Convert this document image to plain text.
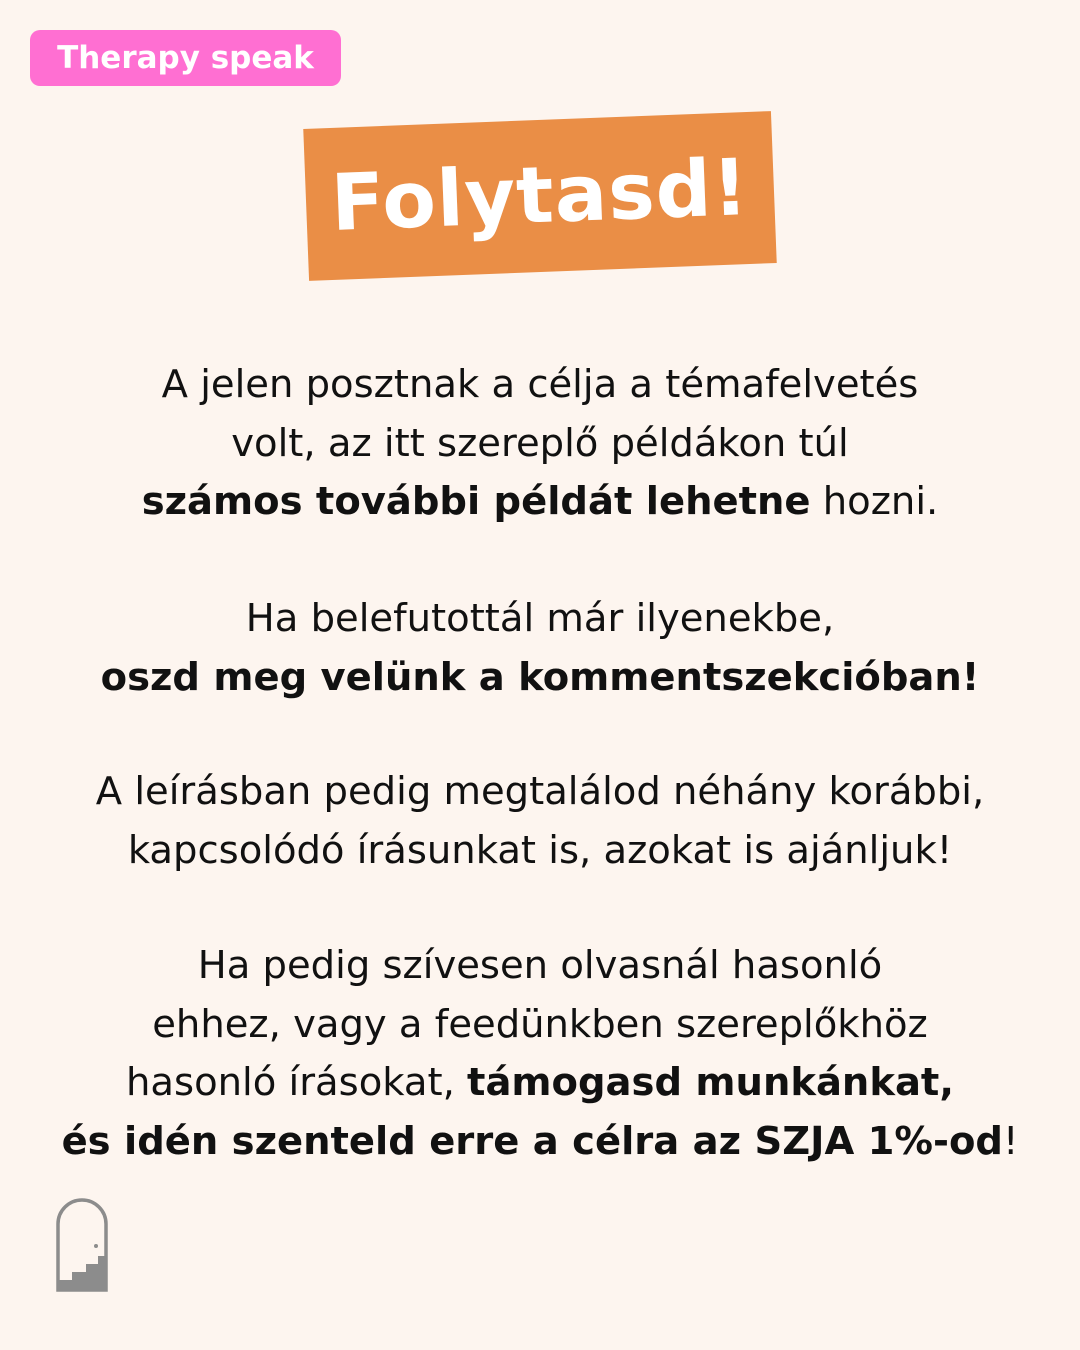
Therapy speak
Folytasd!

A jelen posztnak a célja a témafelvetés

volt, az itt szereplő példákon túl

számos további példát lehetne hozni.

Ha belefutottál már ilyenekbe,

oszd meg velünk a kommentszekcióban!

A leírásban pedig megtalálod néhány korábbi,

kapcsolódó írásunkat is, azokat is ajánljuk!

Ha pedig szívesen olvasnál hasonló

ehhez, vagy a feedünkben szereplőkhöz

hasonló írásokat, támogasd munkánkat,

és idén szenteld erre a célra az SZJA 1%-od!
